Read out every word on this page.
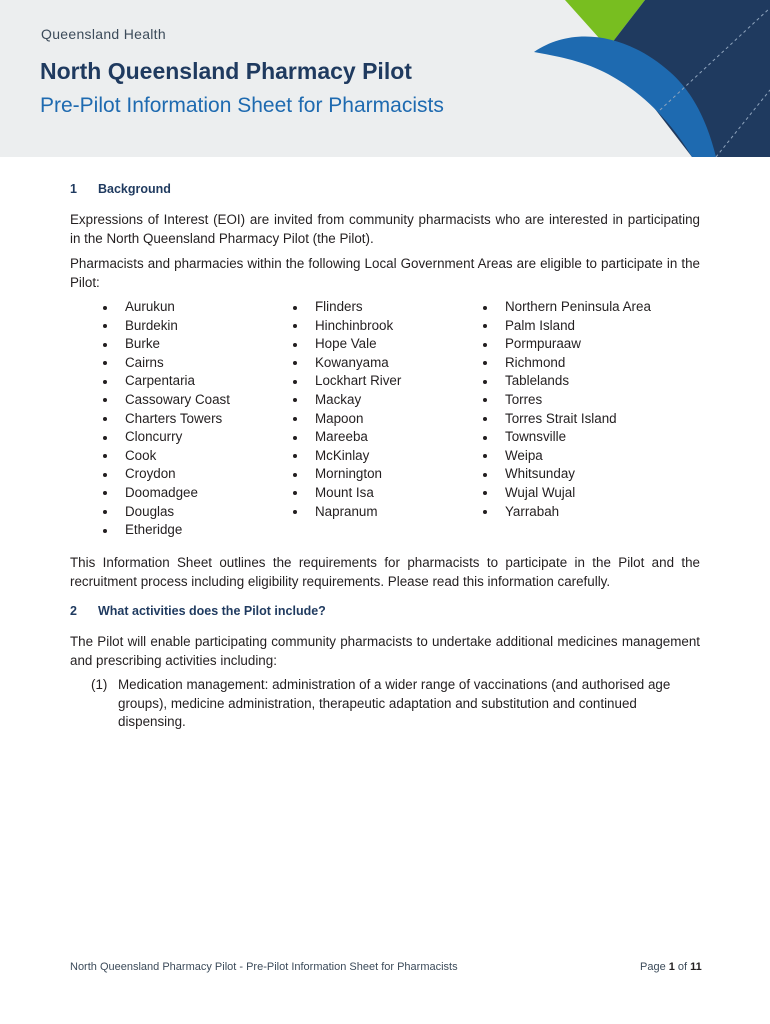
Queensland Health
North Queensland Pharmacy Pilot
Pre-Pilot Information Sheet for Pharmacists
1 Background

Expressions of Interest (EOI) are invited from community pharmacists who are interested in participating in the North Queensland Pharmacy Pilot (the Pilot).

Pharmacists and pharmacies within the following Local Government Areas are eligible to participate in the Pilot:

Aurukun
Burdekin
Burke
Cairns
Carpentaria
Cassowary Coast
Charters Towers
Cloncurry
Cook
Croydon
Doomadgee
Douglas
Etheridge
Flinders
Hinchinbrook
Hope Vale
Kowanyama
Lockhart River
Mackay
Mapoon
Mareeba
McKinlay
Mornington
Mount Isa
Napranum
Northern Peninsula Area
Palm Island
Pormpuraaw
Richmond
Tablelands
Torres
Torres Strait Island
Townsville
Weipa
Whitsunday
Wujal Wujal
Yarrabah

This Information Sheet outlines the requirements for pharmacists to participate in the Pilot and the recruitment process including eligibility requirements. Please read this information carefully.

2 What activities does the Pilot include?

The Pilot will enable participating community pharmacists to undertake additional medicines management and prescribing activities including:

(1) Medication management: administration of a wider range of vaccinations (and authorised age groups), medicine administration, therapeutic adaptation and substitution and continued dispensing.
North Queensland Pharmacy Pilot - Pre-Pilot Information Sheet for Pharmacists	Page 1 of 11
